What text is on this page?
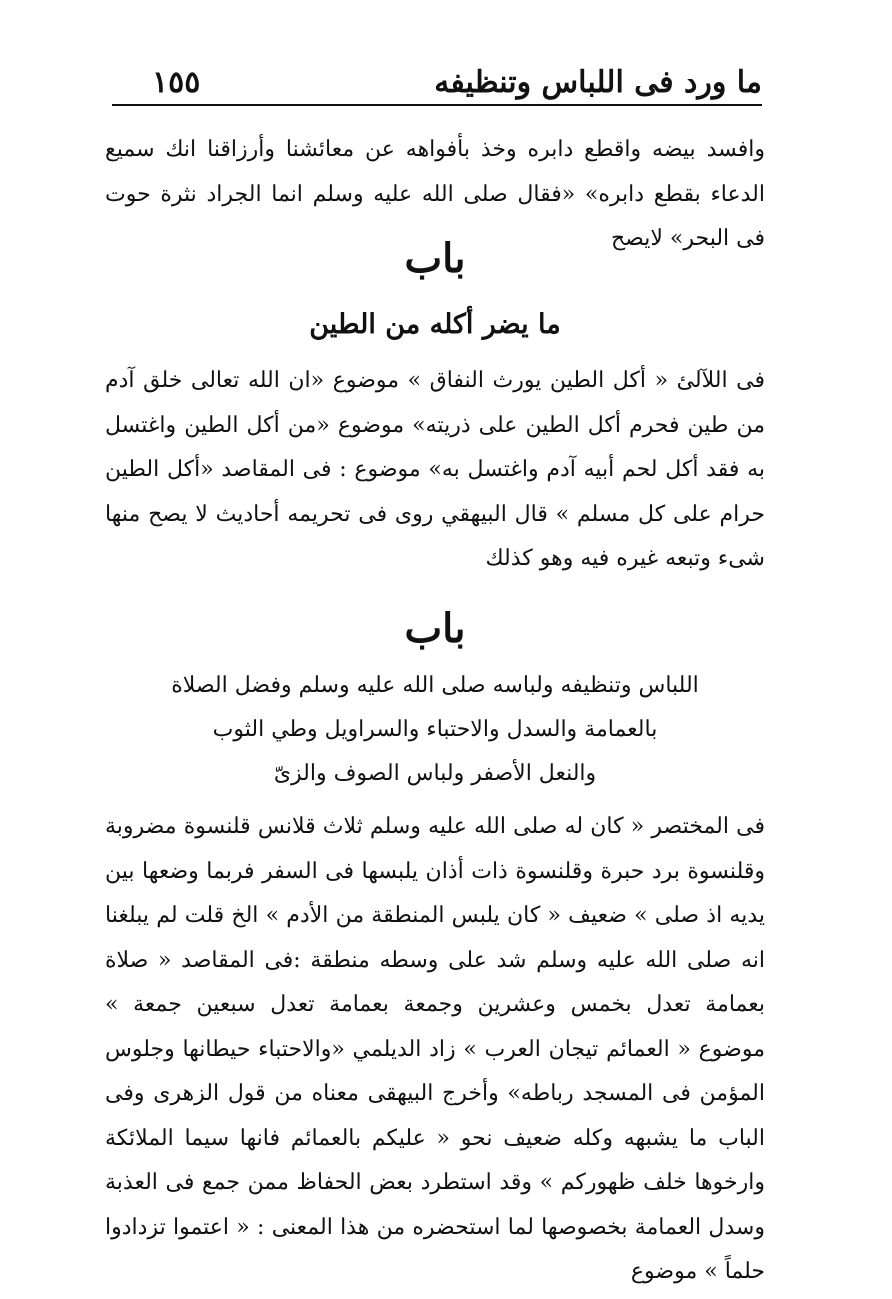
ما ورد فى اللباس وتنظيفه
١٥٥
وافسد بيضه واقطع دابره وخذ بأفواهه عن معائشنا وأرزاقنا انك سميع الدعاء بقطع دابره» «فقال صلى الله عليه وسلم انما الجراد نثرة حوت فى البحر» لايصح
باب
ما يضر أكله من الطين
فى اللآلئ « أكل الطين يورث النفاق » موضوع «ان الله تعالى خلق آدم من طين فحرم أكل الطين على ذريته» موضوع «من أكل الطين واغتسل به فقد أكل لحم أبيه آدم واغتسل به» موضوع : فى المقاصد «أكل الطين حرام على كل مسلم » قال البيهقي روى فى تحريمه أحاديث لا يصح منها شىء وتبعه غيره فيه وهو كذلك
باب
اللباس وتنظيفه ولباسه صلى الله عليه وسلم وفضل الصلاة
بالعمامة والسدل والاحتباء والسراويل وطي الثوب
والنعل الأصفر ولباس الصوف والزىّ
فى المختصر « كان له صلى الله عليه وسلم ثلاث قلانس قلنسوة مضروبة وقلنسوة برد حبرة وقلنسوة ذات أذان يلبسها فى السفر فربما وضعها بين يديه اذ صلى » ضعيف « كان يلبس المنطقة من الأدم » الخ قلت لم يبلغنا انه صلى الله عليه وسلم شد على وسطه منطقة :فى المقاصد « صلاة بعمامة تعدل بخمس وعشرين وجمعة بعمامة تعدل سبعين جمعة » موضوع « العمائم تيجان العرب » زاد الديلمي «والاحتباء حيطانها وجلوس المؤمن فى المسجد رباطه» وأخرج البيهقى معناه من قول الزهرى وفى الباب ما يشبهه وكله ضعيف نحو « عليكم بالعمائم فانها سيما الملائكة وارخوها خلف ظهوركم » وقد استطرد بعض الحفاظ ممن جمع فى العذبة وسدل العمامة بخصوصها لما استحضره من هذا المعنى : « اعتموا تزدادوا حلماً » موضوع
